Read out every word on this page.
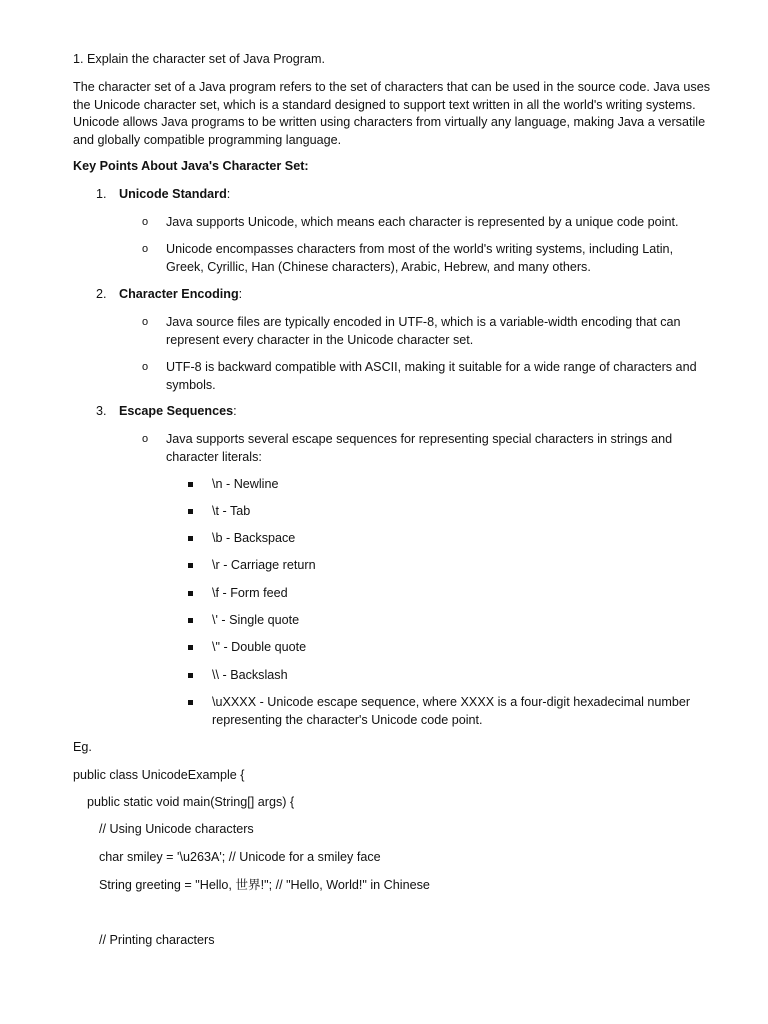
1. Explain the character set of Java Program.

The character set of a Java program refers to the set of characters that can be used in the source code. Java uses the Unicode character set, which is a standard designed to support text written in all the world's writing systems. Unicode allows Java programs to be written using characters from virtually any language, making Java a versatile and globally compatible programming language.

Key Points About Java's Character Set:

1. Unicode Standard:
o Java supports Unicode, which means each character is represented by a unique code point.

o Unicode encompasses characters from most of the world's writing systems, including Latin, Greek, Cyrillic, Han (Chinese characters), Arabic, Hebrew, and many others.

2. Character Encoding:
o Java source files are typically encoded in UTF-8, which is a variable-width encoding that can represent every character in the Unicode character set.

o UTF-8 is backward compatible with ASCII, making it suitable for a wide range of characters and symbols.

3. Escape Sequences:
o Java supports several escape sequences for representing special characters in strings and character literals:

\n - Newline

\t - Tab

\b - Backspace

\r - Carriage return

\f - Form feed

\' - Single quote

\" - Double quote

\\ - Backslash

\uXXXX - Unicode escape sequence, where XXXX is a four-digit hexadecimal number representing the character's Unicode code point.

Eg.

public class UnicodeExample {

public static void main(String[] args) {

// Using Unicode characters

char smiley = '\u263A'; // Unicode for a smiley face

String greeting = "Hello, 世界!"; // "Hello, World!" in Chinese

// Printing characters
